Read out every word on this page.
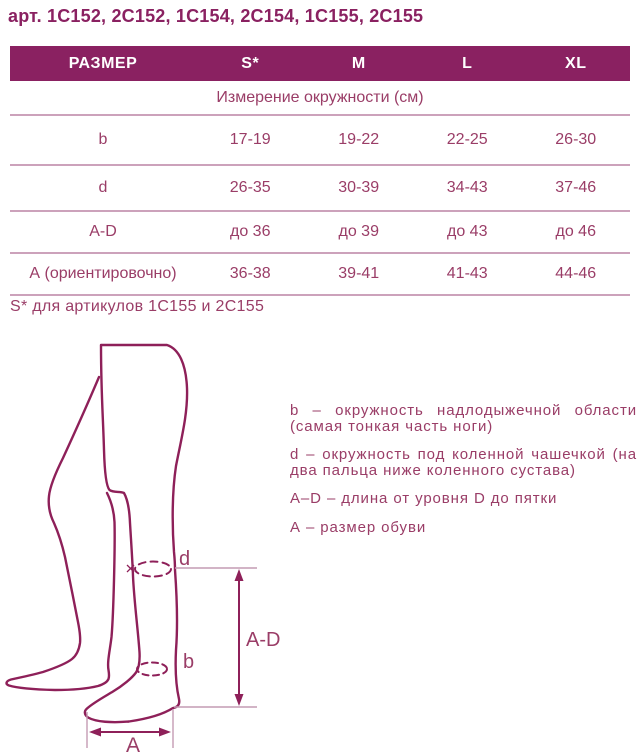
арт. 1С152, 2С152, 1С154, 2С154, 1С155, 2С155
РАЗМЕР	S*	M	L	XL
Измерение окружности (см)
b	17-19	19-22	22-25	26-30
d	26-35	30-39	34-43	37-46
A-D	до 36	до 39	до 43	до 46
А (ориентировочно)	36-38	39-41	41-43	44-46
S* для артикулов 1С155 и 2С155
d
b
A-D
А

b – окружность надлодыжечной области (самая тонкая часть ноги)

d – окружность под коленной чашечкой (на два пальца ниже коленного сустава)

А–D – длина от уровня D до пятки

А – размер обуви
